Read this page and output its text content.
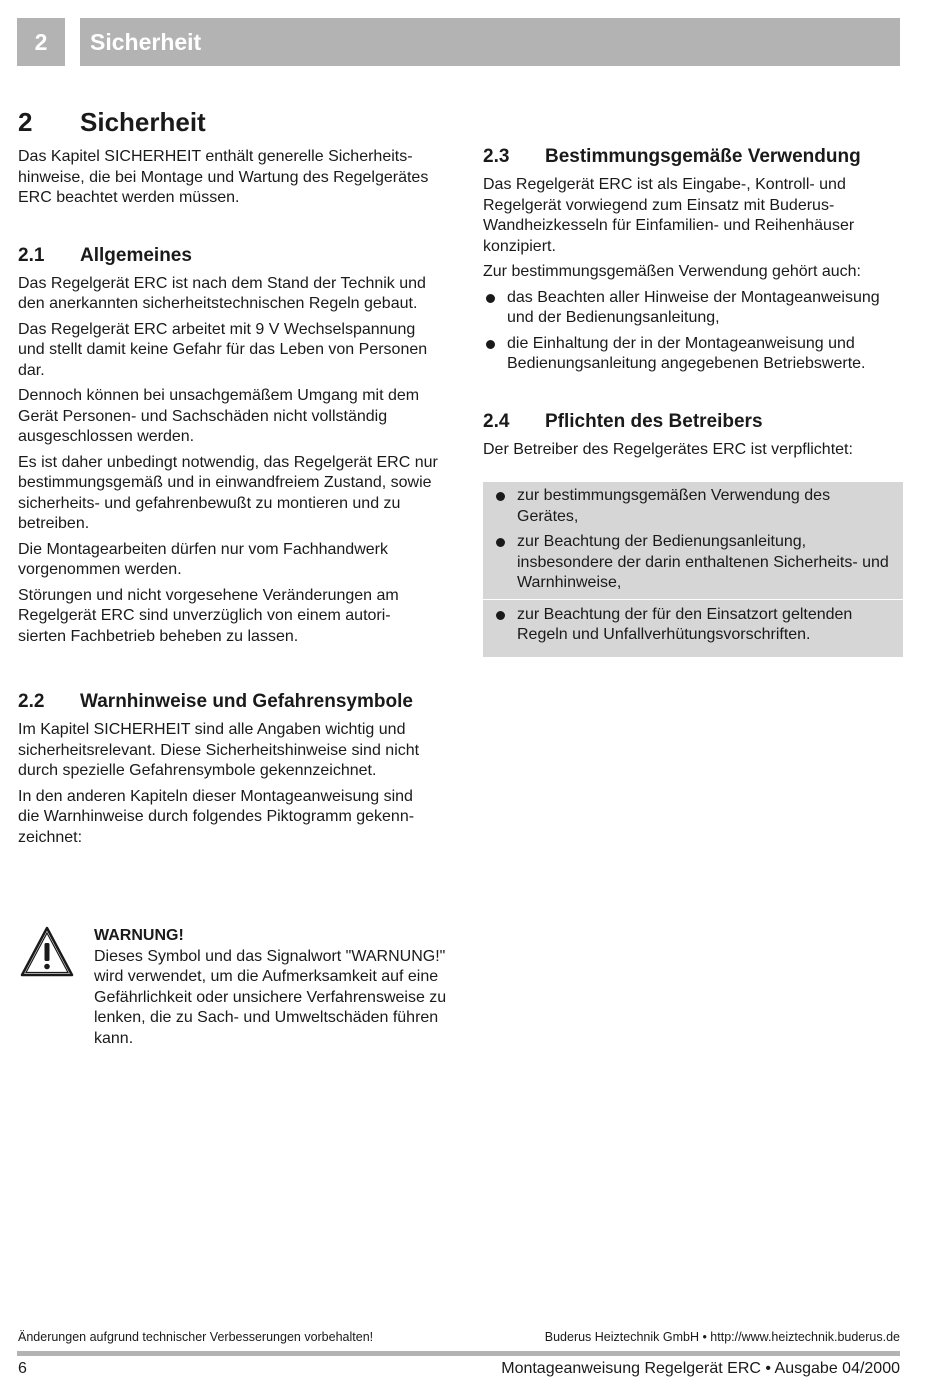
2	Sicherheit
2	Sicherheit

Das Kapitel SICHERHEIT enthält generelle Sicherheits-hinweise, die bei Montage und Wartung des Regelgerätes ERC beachtet werden müssen.

2.1	Allgemeines

Das Regelgerät ERC ist nach dem Stand der Technik und den anerkannten sicherheitstechnischen Regeln gebaut.

Das Regelgerät ERC arbeitet mit 9 V Wechselspannung und stellt damit keine Gefahr für das Leben von Personen dar.

Dennoch können bei unsachgemäßem Umgang mit dem Gerät Personen- und Sachschäden nicht vollständig ausgeschlossen werden.

Es ist daher unbedingt notwendig, das Regelgerät ERC nur bestimmungsgemäß und in einwandfreiem Zustand, sowie sicherheits- und gefahrenbewußt zu montieren und zu betreiben.

Die Montagearbeiten dürfen nur vom Fachhandwerk vorgenommen werden.

Störungen und nicht vorgesehene Veränderungen am Regelgerät ERC sind unverzüglich von einem autori-sierten Fachbetrieb beheben zu lassen.

2.2	Warnhinweise und Gefahrensymbole

Im Kapitel SICHERHEIT sind alle Angaben wichtig und sicherheitsrelevant. Diese Sicherheitshinweise sind nicht durch spezielle Gefahrensymbole gekennzeichnet.

In den anderen Kapiteln dieser Montageanweisung sind die Warnhinweise durch folgendes Piktogramm gekenn-zeichnet:

WARNUNG!

Dieses Symbol und das Signalwort "WARNUNG!" wird verwendet, um die Aufmerksamkeit auf eine Gefährlichkeit oder unsichere Verfahrensweise zu lenken, die zu Sach- und Umweltschäden führen kann.

2.3	Bestimmungsgemäße Verwendung

Das Regelgerät ERC ist als Eingabe-, Kontroll- und Regelgerät vorwiegend zum Einsatz mit Buderus-Wandheizkesseln für Einfamilien- und Reihenhäuser konzipiert.

Zur bestimmungsgemäßen Verwendung gehört auch:

das Beachten aller Hinweise der Montageanweisung und der Bedienungsanleitung,
die Einhaltung der in der Montageanweisung und Bedienungsanleitung angegebenen Betriebswerte.
2.4	Pflichten des Betreibers

Der Betreiber des Regelgerätes ERC ist verpflichtet:

zur bestimmungsgemäßen Verwendung des Gerätes,
zur Beachtung der Bedienungsanleitung, insbesondere der darin enthaltenen Sicherheits- und Warnhinweise,
zur Beachtung der für den Einsatzort geltenden Regeln und Unfallverhütungsvorschriften.
Änderungen aufgrund technischer Verbesserungen vorbehalten!	Buderus Heiztechnik GmbH • http://www.heiztechnik.buderus.de
6	Montageanweisung Regelgerät ERC • Ausgabe 04/2000
